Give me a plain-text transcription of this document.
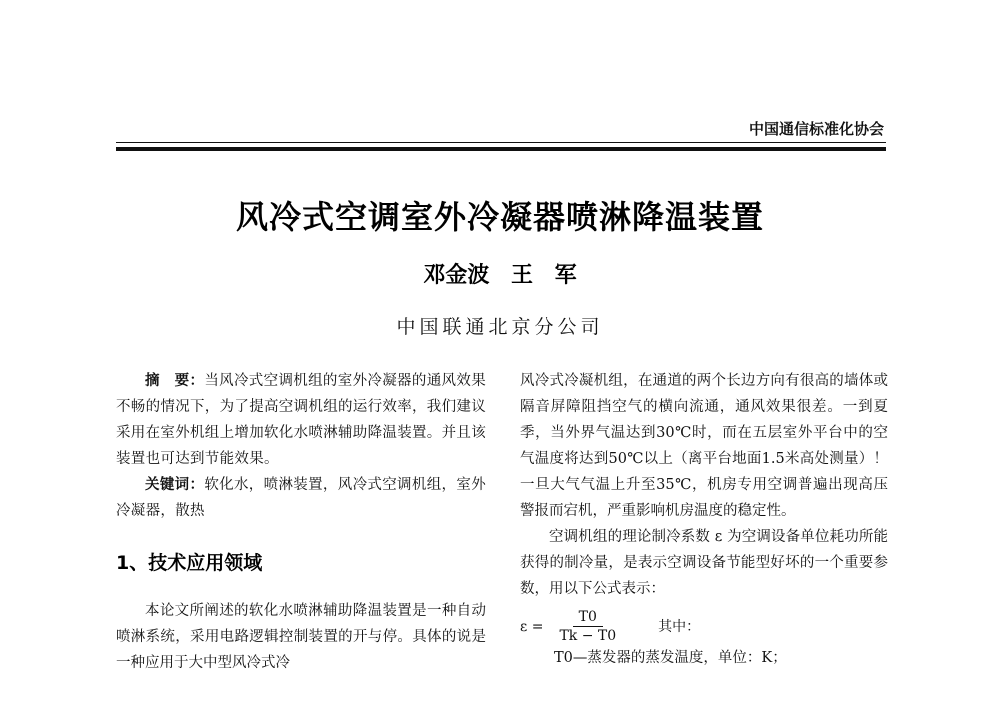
中国通信标准化协会
风冷式空调室外冷凝器喷淋降温装置
邓金波 王 军
中国联通北京分公司

摘　要：当风冷式空调机组的室外冷凝器的通风效果不畅的情况下，为了提高空调机组的运行效率，我们建议采用在室外机组上增加软化水喷淋辅助降温装置。并且该装置也可达到节能效果。

关键词：软化水，喷淋装置，风冷式空调机组，室外冷凝器，散热

1、技术应用领域

本论文所阐述的软化水喷淋辅助降温装置是一种自动喷淋系统，采用电路逻辑控制装置的开与停。具体的说是一种应用于大中型风冷式冷

风冷式冷凝机组，在通道的两个长边方向有很高的墙体或隔音屏障阻挡空气的横向流通，通风效果很差。一到夏季，当外界气温达到30℃时，而在五层室外平台中的空气温度将达到50℃以上（离平台地面1.5米高处测量）！一旦大气气温上升至35℃，机房专用空调普遍出现高压警报而宕机，严重影响机房温度的稳定性。

空调机组的理论制冷系数 ε 为空调设备单位耗功所能获得的制冷量，是表示空调设备节能型好坏的一个重要参数，用以下公式表示：

$\varepsilon = \frac{T0}{Tk - T0}$	其中：

T0—蒸发器的蒸发温度，单位：K；
